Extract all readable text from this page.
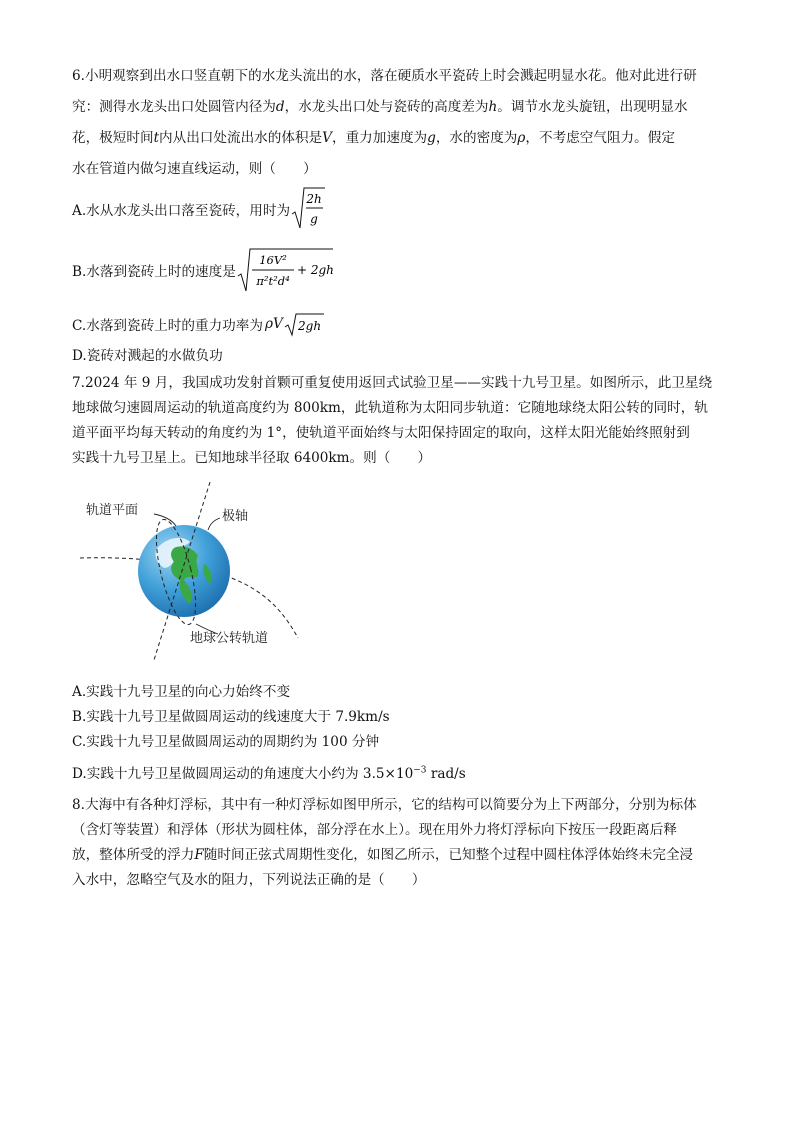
6.小明观察到出水口竖直朝下的水龙头流出的水，落在硬质水平瓷砖上时会溅起明显水花。他对此进行研

究：测得水龙头出口处圆管内径为d，水龙头出口处与瓷砖的高度差为h。调节水龙头旋钮，出现明显水

花，极短时间t内从出口处流出水的体积是V，重力加速度为g，水的密度为ρ，不考虑空气阻力。假定

水在管道内做匀速直线运动，则（　　）

A.水从水龙头出口落至瓷砖，用时为
2h
g
B.水落到瓷砖上时的速度是
16V²
π²t²d⁴
+ 2gh
C.水落到瓷砖上时的重力功率为 ρV 2gh

D.瓷砖对溅起的水做负功

7.2024 年 9 月，我国成功发射首颗可重复使用返回式试验卫星——实践十九号卫星。如图所示，此卫星绕

地球做匀速圆周运动的轨道高度约为 800km，此轨道称为太阳同步轨道：它随地球绕太阳公转的同时，轨

道平面平均每天转动的角度约为 1°，使轨道平面始终与太阳保持固定的取向，这样太阳光能始终照射到

实践十九号卫星上。已知地球半径取 6400km。则（　　）

轨道平面	极轴
地球公转轨道

A.实践十九号卫星的向心力始终不变

B.实践十九号卫星做圆周运动的线速度大于 7.9km/s

C.实践十九号卫星做圆周运动的周期约为 100 分钟

D.实践十九号卫星做圆周运动的角速度大小约为 $3.5\times 10^{-3}$ rad/s

8.大海中有各种灯浮标，其中有一种灯浮标如图甲所示，它的结构可以简要分为上下两部分，分别为标体

（含灯等装置）和浮体（形状为圆柱体，部分浮在水上）。现在用外力将灯浮标向下按压一段距离后释

放，整体所受的浮力F随时间正弦式周期性变化，如图乙所示，已知整个过程中圆柱体浮体始终未完全浸

入水中，忽略空气及水的阻力，下列说法正确的是（　　）
